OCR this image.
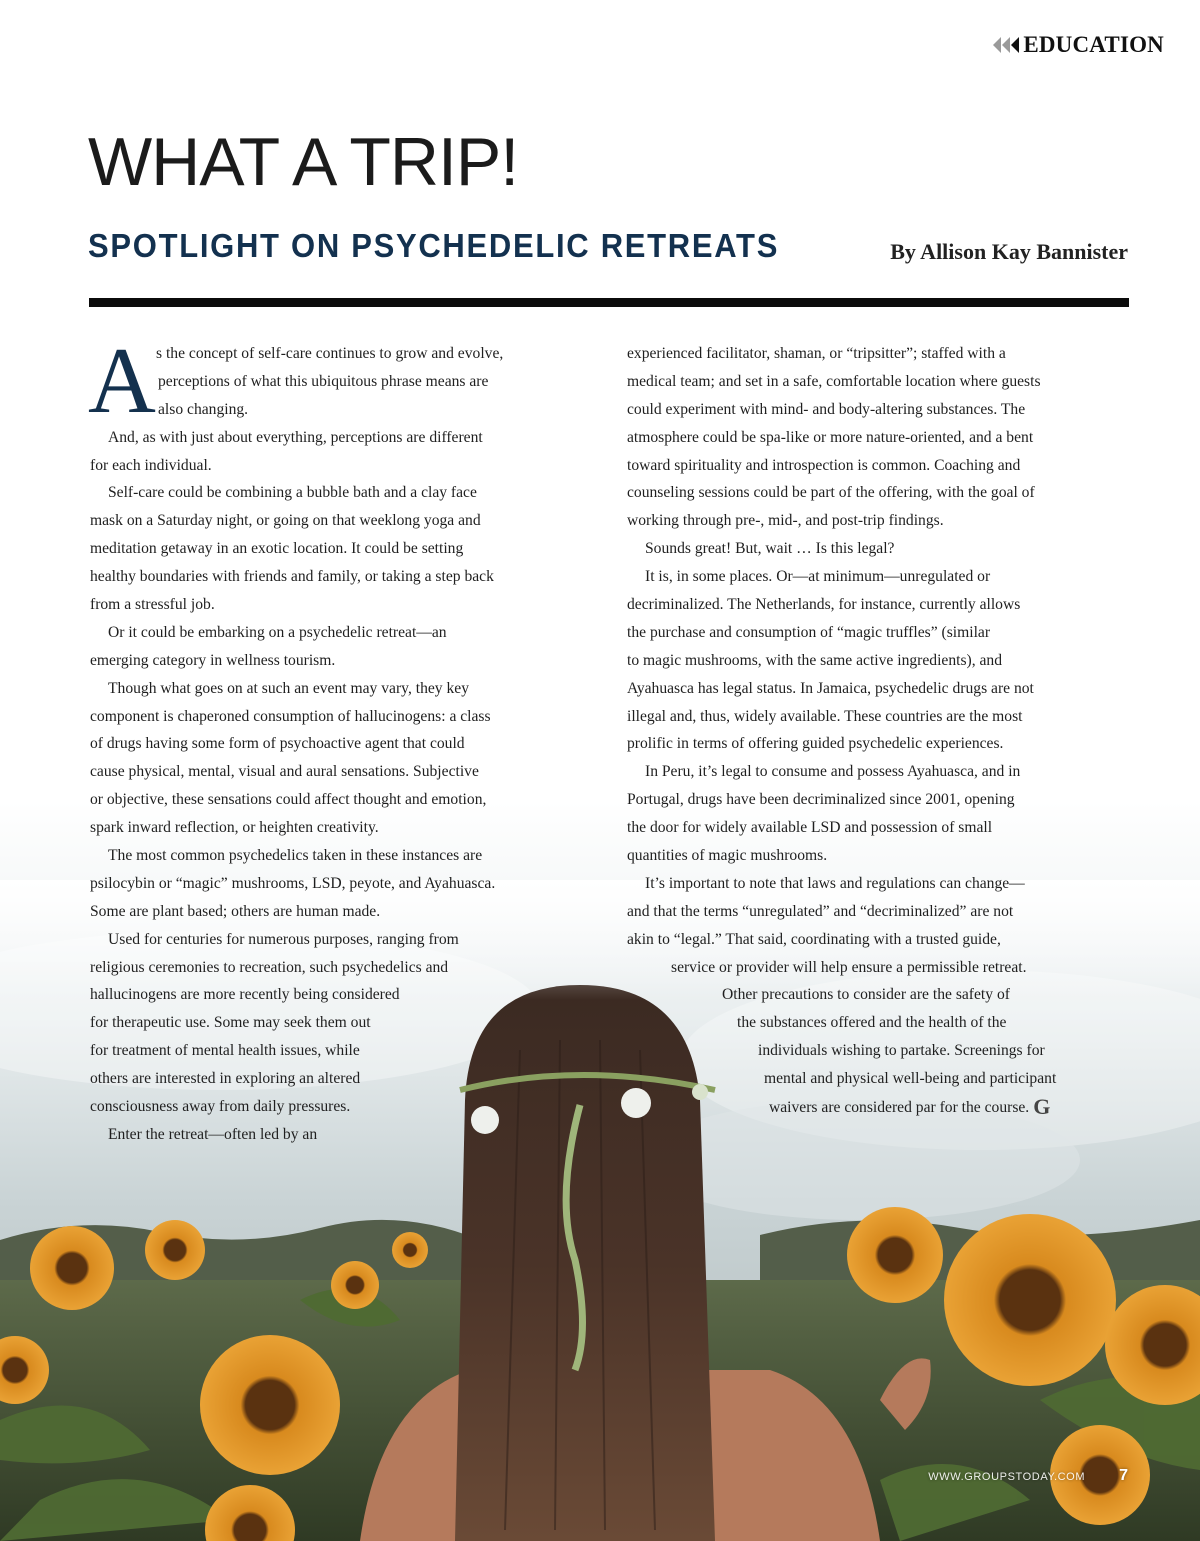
EDUCATION
WHAT A TRIP!
SPOTLIGHT ON PSYCHEDELIC RETREATS	By Allison Kay Bannister
A s the concept of self-care continues to grow and evolve,
perceptions of what this ubiquitous phrase means are
also changing.
And, as with just about everything, perceptions are different
for each individual.
Self-care could be combining a bubble bath and a clay face
mask on a Saturday night, or going on that weeklong yoga and
meditation getaway in an exotic location. It could be setting
healthy boundaries with friends and family, or taking a step back
from a stressful job.
Or it could be embarking on a psychedelic retreat—an
emerging category in wellness tourism.
Though what goes on at such an event may vary, they key
component is chaperoned consumption of hallucinogens: a class
of drugs having some form of psychoactive agent that could
cause physical, mental, visual and aural sensations. Subjective
or objective, these sensations could affect thought and emotion,
spark inward reflection, or heighten creativity.
The most common psychedelics taken in these instances are
psilocybin or “magic” mushrooms, LSD, peyote, and Ayahuasca.
Some are plant based; others are human made.
Used for centuries for numerous purposes, ranging from
religious ceremonies to recreation, such psychedelics and
hallucinogens are more recently being considered
for therapeutic use. Some may seek them out
for treatment of mental health issues, while
others are interested in exploring an altered
consciousness away from daily pressures.
Enter the retreat—often led by an
experienced facilitator, shaman, or “tripsitter”; staffed with a
medical team; and set in a safe, comfortable location where guests
could experiment with mind- and body-altering substances. The
atmosphere could be spa-like or more nature-oriented, and a bent
toward spirituality and introspection is common. Coaching and
counseling sessions could be part of the offering, with the goal of
working through pre-, mid-, and post-trip findings.
Sounds great! But, wait … Is this legal?
It is, in some places. Or—at minimum—unregulated or
decriminalized. The Netherlands, for instance, currently allows
the purchase and consumption of “magic truffles” (similar
to magic mushrooms, with the same active ingredients), and
Ayahuasca has legal status. In Jamaica, psychedelic drugs are not
illegal and, thus, widely available. These countries are the most
prolific in terms of offering guided psychedelic experiences.
In Peru, it’s legal to consume and possess Ayahuasca, and in
Portugal, drugs have been decriminalized since 2001, opening
the door for widely available LSD and possession of small
quantities of magic mushrooms.
It’s important to note that laws and regulations can change—
and that the terms “unregulated” and “decriminalized” are not
akin to “legal.” That said, coordinating with a trusted guide,
service or provider will help ensure a permissible retreat.
Other precautions to consider are the safety of
the substances offered and the health of the
individuals wishing to partake. Screenings for
mental and physical well-being and participant
waivers are considered par for the course. G
WWW.GROUPSTODAY.COM 7
